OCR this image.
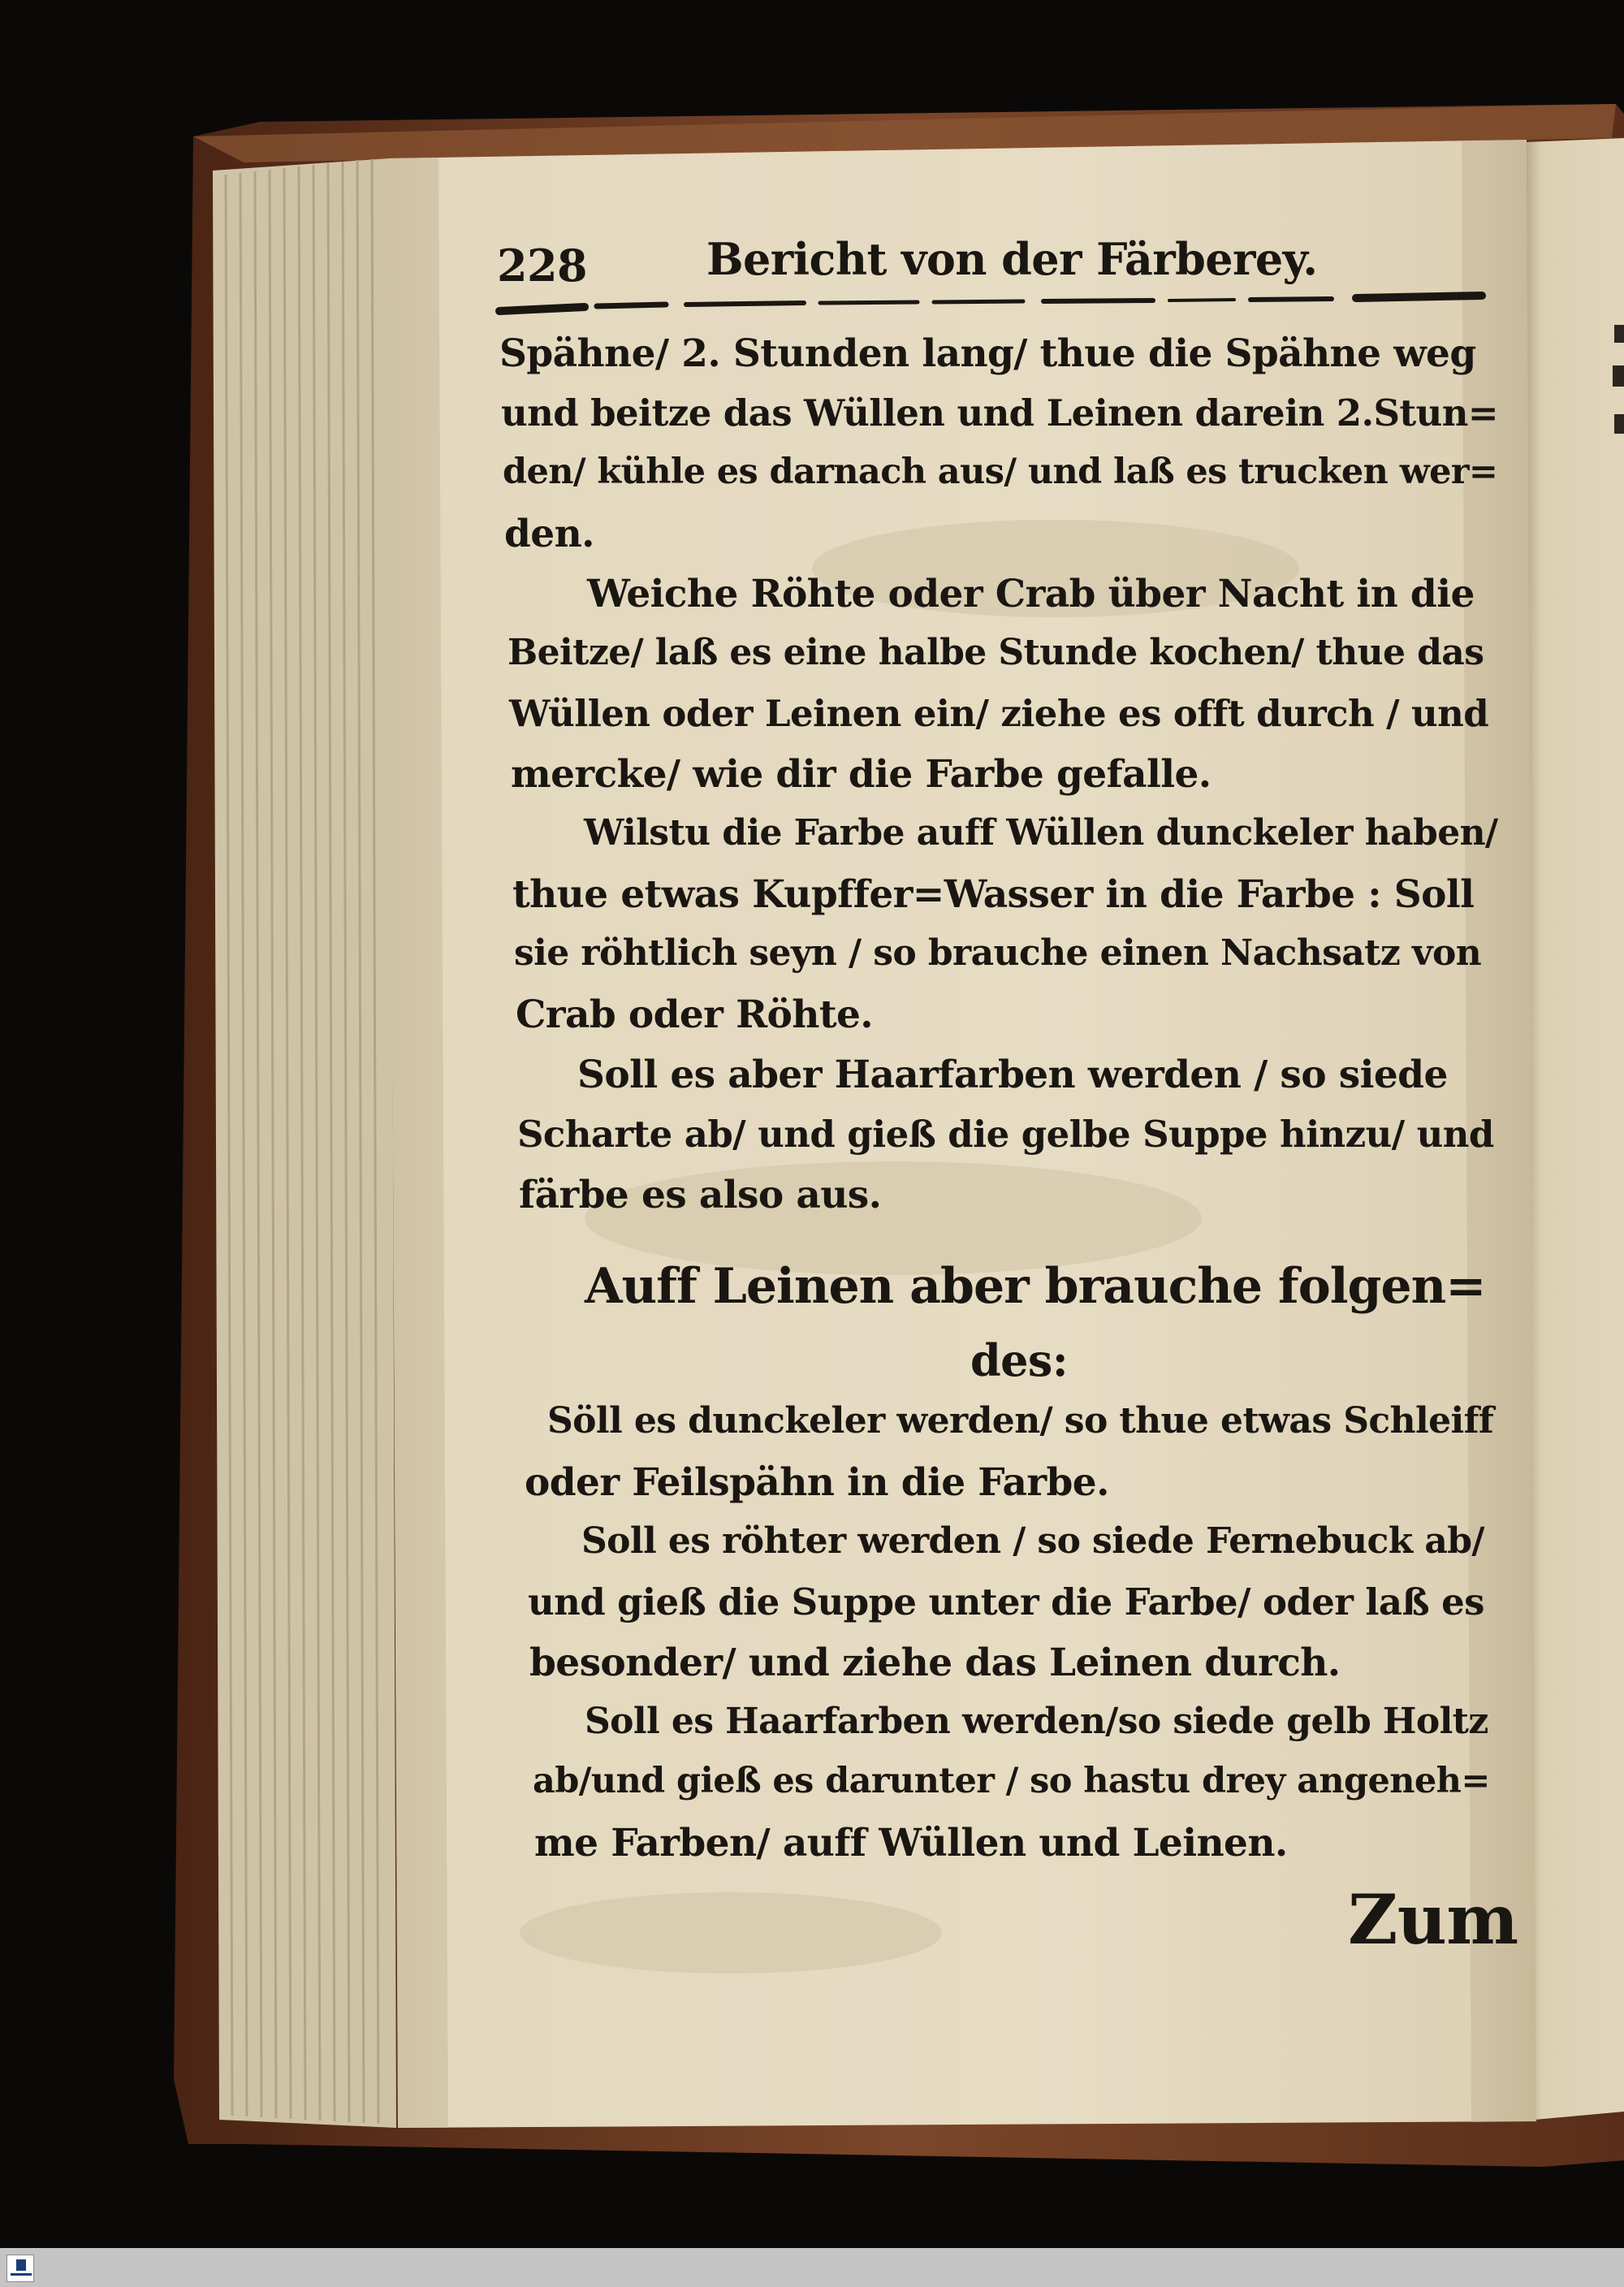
228	Bericht von der Färberey.
Spähne/ 2. Stunden lang/ thue die Spähne weg
und beitze das Wüllen und Leinen darein 2.Stun=
den/ kühle es darnach aus/ und laß es trucken wer=
den.
Weiche Röhte oder Crab über Nacht in die
Beitze/ laß es eine halbe Stunde kochen/ thue das
Wüllen oder Leinen ein/ ziehe es offt durch / und
mercke/ wie dir die Farbe gefalle.
Wilstu die Farbe auff Wüllen dunckeler haben/
thue etwas Kupffer=Wasser in die Farbe : Soll
sie röhtlich seyn / so brauche einen Nachsatz von
Crab oder Röhte.
Soll es aber Haarfarben werden / so siede
Scharte ab/ und gieß die gelbe Suppe hinzu/ und
färbe es also aus.
Auff Leinen aber brauche folgen=
des:
Söll es dunckeler werden/ so thue etwas Schleiff
oder Feilspähn in die Farbe.
Soll es röhter werden / so siede Fernebuck ab/
und gieß die Suppe unter die Farbe/ oder laß es
besonder/ und ziehe das Leinen durch.
Soll es Haarfarben werden/so siede gelb Holtz
ab/und gieß es darunter / so hastu drey angeneh=
me Farben/ auff Wüllen und Leinen.
Zum
